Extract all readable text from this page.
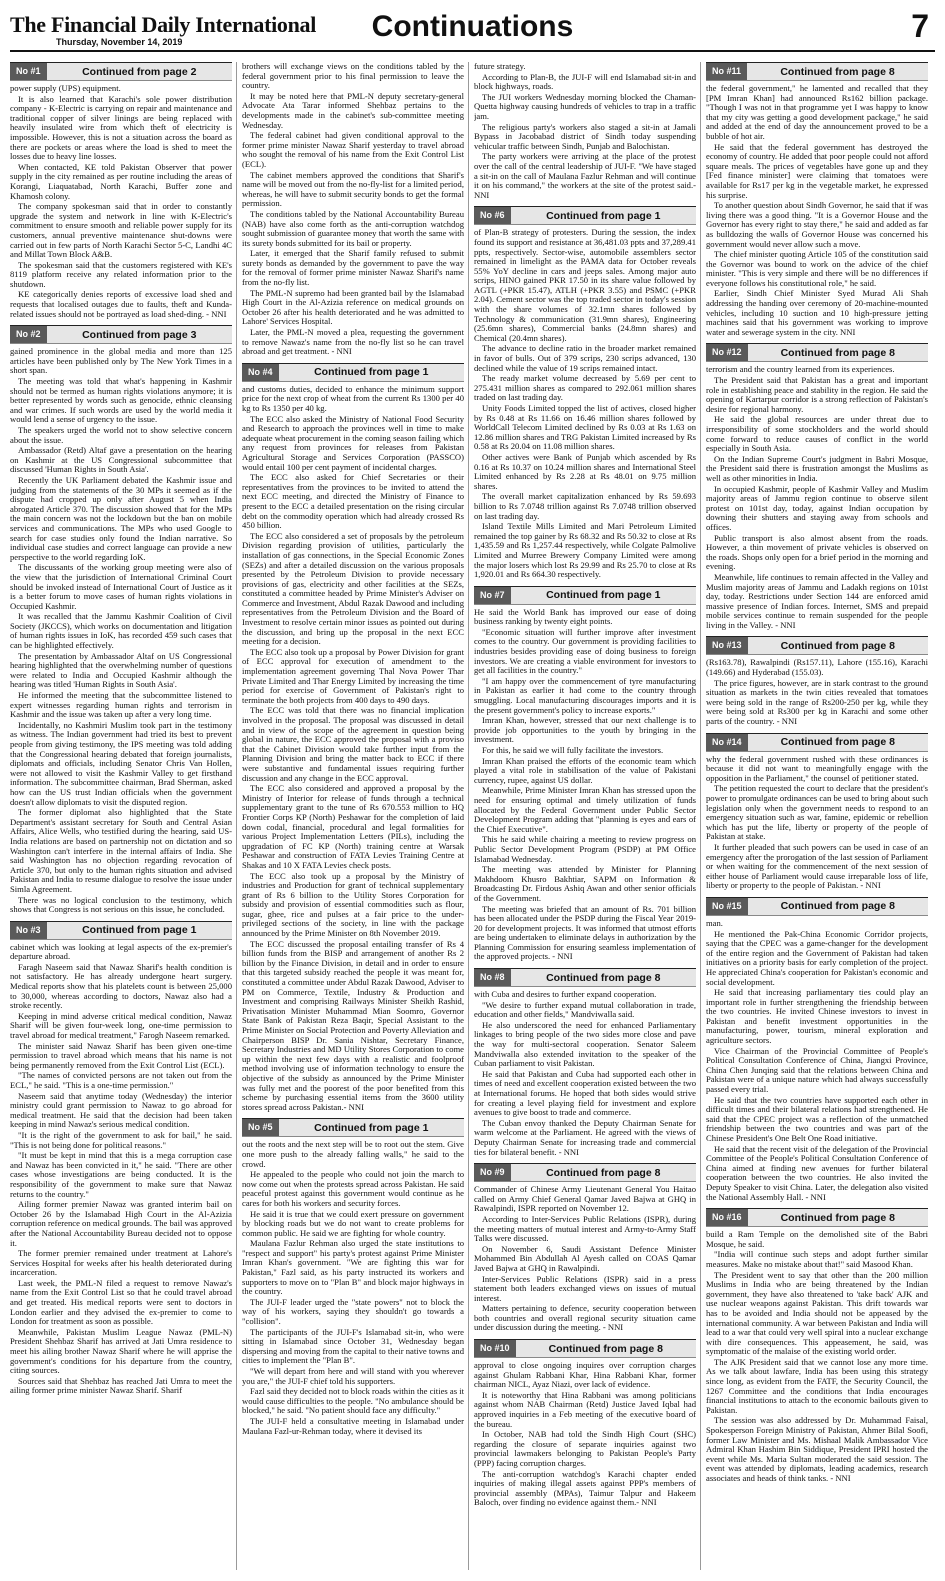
The Financial Daily International
Thursday, November 14, 2019	Continuations	7
No #1	Continued from page 2

power supply (UPS) equipment.

It is also learned that Karachi's sole power distribution company - K-Electric is carrying on repair and maintenance and traditional copper of silver linings are being replaced with heavily insulated wire from which theft of electricity is impossible. However, this is not a situation across the board as there are pockets or areas where the load is shed to meet the losses due to heavy line losses.

When contacted, KE told Pakistan Observer that power supply in the city remained as per routine including the areas of Korangi, Liaquatabad, North Karachi, Buffer zone and Khamosh colony.

The company spokesman said that in order to constantly upgrade the system and network in line with K-Electric's commitment to ensure smooth and reliable power supply for its customers, annual preventive maintenance shut-downs were carried out in few parts of North Karachi Sector 5-C, Landhi 4C and Millat Town Block A&B.

The spokesman said that the customers registered with KE's 8119 platform receive any related information prior to the shutdown.

KE categorically denies reports of excessive load shed and requests that localised outages due to faults, theft and Kunda-related issues should not be portrayed as load shed-ding. - NNI

No #2	Continued from page 3

gained prominence in the global media and more than 125 articles have been published only by The New York Times in a short span.

The meeting was told that what's happening in Kashmir should not be termed as human rights violations anymore; it is better represented by words such as genocide, ethnic cleansing and war crimes. If such words are used by the world media it would lend a sense of urgency to the issue.

The speakers urged the world not to show selective concern about the issue.

Ambassador (Retd) Altaf gave a presentation on the hearing on Kashmir at the US Congressional subcommittee that discussed 'Human Rights in South Asia'.

Recently the UK Parliament debated the Kashmir issue and judging from the statements of the 30 MPs it seemed as if the dispute had cropped up only after August 5 when India abrogated Article 370. The discussion showed that for the MPs the main concern was not the lockdown but the ban on mobile services and communications. The MPs who used Google to search for case studies only found the Indian narrative. So individual case studies and correct language can provide a new perspective to the world regarding IoK.

The discussants of the working group meeting were also of the view that the jurisdiction of International Criminal Court should be invoked instead of International Court of Justice as it is a better forum to move cases of human rights violations in Occupied Kashmir.

It was recalled that the Jammu Kashmir Coalition of Civil Society (JKCCS), which works on documentation and litigation of human rights issues in IoK, has recorded 459 such cases that can be highlighted effectively.

The presentation by Ambassador Altaf on US Congressional hearing highlighted that the overwhelming number of questions were related to India and Occupied Kashmir although the hearing was titled 'Human Rights in South Asia'.

He informed the meeting that the subcommittee listened to expert witnesses regarding human rights and terrorism in Kashmir and the issue was taken up after a very long time.

Incidentally, no Kashmiri Muslim took part in the testimony as witness. The Indian government had tried its best to prevent people from giving testimony, the IPS meeting was told adding that the Congressional hearing debated that foreign journalists, diplomats and officials, including Senator Chris Van Hollen, were not allowed to visit the Kashmir Valley to get firsthand information. The subcommittee chairman, Brad Sherman, asked how can the US trust Indian officials when the government doesn't allow diplomats to visit the disputed region.

The former diplomat also highlighted that the State Department's assistant secretary for South and Central Asian Affairs, Alice Wells, who testified during the hearing, said US-India relations are based on partnership not on dictation and so Washington can't interfere in the internal affairs of India. She said Washington has no objection regarding revocation of Article 370, but only to the human rights situation and advised Pakistan and India to resume dialogue to resolve the issue under Simla Agreement.

There was no logical conclusion to the testimony, which shows that Congress is not serious on this issue, he concluded.

No #3	Continued from page 1

cabinet which was looking at legal aspects of the ex-premier's departure abroad.

Faragh Naseem said that Nawaz Sharif's health condition is not satisfactory. He has already undergone heart surgery. Medical reports show that his platelets count is between 25,000 to 30,000, whereas according to doctors, Nawaz also had a stroke recently.

Keeping in mind adverse critical medical condition, Nawaz Sharif will be given four-week long, one-time permission to travel abroad for medical treatment," Farogh Naseem remarked.

The minister said Nawaz Sharif has been given one-time permission to travel abroad which means that his name is not being permanently removed from the Exit Control List (ECL).

"The names of convicted persons are not taken out from the ECL," he said. "This is a one-time permission."

Naseem said that anytime today (Wednesday) the interior ministry could grant permission to Nawaz to go abroad for medical treatment. He said that the decision had been taken keeping in mind Nawaz's serious medical condition.

"It is the right of the government to ask for bail," he said. "This is not being done for political reasons."

"It must be kept in mind that this is a mega corruption case and Nawaz has been convicted in it," he said. "There are other cases whose investigations are being conducted. It is the responsibility of the government to make sure that Nawaz returns to the country."

Ailing former premier Nawaz was granted interim bail on October 26 by the Islamabad High Court in the Al-Azizia corruption reference on medical grounds. The bail was approved after the National Accountability Bureau decided not to oppose it.

The former premier remained under treatment at Lahore's Services Hospital for weeks after his health deteriorated during incarceration.

Last week, the PML-N filed a request to remove Nawaz's name from the Exit Control List so that he could travel abroad and get treated. His medical reports were sent to doctors in London earlier and they advised the ex-premier to come to London for treatment as soon as possible.

Meanwhile, Pakistan Muslim League Nawaz (PML-N) President Shehbaz Sharif has arrived at Jati Umra residence to meet his ailing brother Nawaz Sharif where he will apprise the government's conditions for his departure from the country, citing sources.

Sources said that Shehbaz has reached Jati Umra to meet the ailing former prime minister Nawaz Sharif. Sharif

brothers will exchange views on the conditions tabled by the federal government prior to his final permission to leave the country.

It may be noted here that PML-N deputy secretary-general Advocate Ata Tarar informed Shehbaz pertains to the developments made in the cabinet's sub-committee meeting Wednesday.

The federal cabinet had given conditional approval to the former prime minister Nawaz Sharif yesterday to travel abroad who sought the removal of his name from the Exit Control List (ECL).

The cabinet members approved the conditions that Sharif's name will be moved out from the no-fly-list for a limited period, whereas, he will have to submit security bonds to get the formal permission.

The conditions tabled by the National Accountability Bureau (NAB) have also come forth as the anti-corruption watchdog sought submission of guarantee money that worth the same with its surety bonds submitted for its bail or property.

Later, it emerged that the Sharif family refused to submit surety bonds as demanded by the government to pave the way for the removal of former prime minister Nawaz Sharif's name from the no-fly list.

The PML-N supremo had been granted bail by the Islamabad High Court in the Al-Azizia reference on medical grounds on October 26 after his health deteriorated and he was admitted to Lahore' Services Hospital.

Later, the PML-N moved a plea, requesting the government to remove Nawaz's name from the no-fly list so he can travel abroad and get treatment. - NNI

No #4	Continued from page 1

and customs duties, decided to enhance the minimum support price for the next crop of wheat from the current Rs 1300 per 40 kg to Rs 1350 per 40 kg.

The ECC also asked the Ministry of National Food Security and Research to approach the provinces well in time to make adequate wheat procurement in the coming season failing which any request from provinces for releases from Pakistan Agricultural Storage and Services Corporation (PASSCO) would entail 100 per cent payment of incidental charges.

The ECC also asked for Chief Secretaries or their representatives from the provinces to be invited to attend the next ECC meeting, and directed the Ministry of Finance to present to the ECC a detailed presentation on the rising circular debt on the commodity operation which had already crossed Rs 450 billion.

The ECC also considered a set of proposals by the petroleum Division regarding provision of utilities, particularly the installation of gas connections, in the Special Economic Zones (SEZs) and after a detailed discussion on the various proposals presented by the Petroleum Division to provide necessary provisions of gas, electricity and other facilities at the SEZs, constituted a committee headed by Prime Minister's Adviser on Commerce and Investment, Abdul Razak Dawood and including representatives from the Petroleum Division and the Board of Investment to resolve certain minor issues as pointed out during the discussion, and bring up the proposal in the next ECC meeting for a decision.

The ECC also took up a proposal by Power Division for grant of ECC approval for execution of amendment to the implementation agreement governing Thal Nova Power Thar Private Limited and Thar Energy Limited by increasing the time period for exercise of Government of Pakistan's right to terminate the both projects from 400 days to 490 days.

The ECC was told that there was no financial implication involved in the proposal. The proposal was discussed in detail and in view of the scope of the agreement in question being global in nature, the ECC approved the proposal with a proviso that the Cabinet Division would take further input from the Planning Division and bring the matter back to ECC if there were substantive and fundamental issues requiring further discussion and any change in the ECC approval.

The ECC also considered and approved a proposal by the Ministry of Interior for release of funds through a technical supplementary grant to the tune of Rs 670.553 million to HQ Frontier Corps KP (North) Peshawar for the completion of laid down codal, financial, procedural and legal formalities for various Project Implementation Letters (PILs), including the upgradation of FC KP (North) training centre at Warsak Peshawar and construction of FATA Levies Training Centre at Shakas and 10 X FATA Levies check posts.

The ECC also took up a proposal by the Ministry of industries and Production for grant of technical supplementary grant of Rs 6 billion to the Utility Stores Corporation for subsidy and provision of essential commodities such as flour, sugar, ghee, rice and pulses at a fair price to the under-privileged sections of the society, in line with the package announced by the Prime Minister on 8th November 2019.

The ECC discussed the proposal entailing transfer of Rs 4 billion funds from the BISP and arrangement of another Rs 2 billion by the Finance Division, in detail and in order to ensure that this targeted subsidy reached the people it was meant for, constituted a committee under Abdul Razak Dawood, Adviser to PM on Commerce, Textile, Industry & Production and Investment and comprising Railways Minister Sheikh Rashid, Privatisation Minister Muhammad Mian Soomro, Governor State Bank of Pakistan Reza Baqir, Special Assistant to the Prime Minister on Social Protection and Poverty Alleviation and Chairperson BISP Dr. Sania Nishtar, Secretary Finance, Secretary Industries and MD Utility Stores Corporation to come up within the next few days with a realistic and foolproof method involving use of information technology to ensure the objective of the subsidy as announced by the Prime Minister was fully met and the poorest of the poor benefited from this scheme by purchasing essential items from the 3600 utility stores spread across Pakistan.- NNI

No #5	Continued from page 1

out the roots and the next step will be to root out the stem. Give one more push to the already falling walls," he said to the crowd.

He appealed to the people who could not join the march to now come out when the protests spread across Pakistan. He said peaceful protest against this government would continue as he cares for both his workers and security forces.

He said it is true that we could exert pressure on government by blocking roads but we do not want to create problems for common public. He said we are fighting for whole country.

Maulana Fazlur Rehman also urged the state institutions to "respect and support" his party's protest against Prime Minister Imran Khan's government. "We are fighting this war for Pakistan," Fazl said, as his party instructed its workers and supporters to move on to "Plan B" and block major highways in the country.

The JUI-F leader urged the "state powers" not to block the way of his workers, saying they shouldn't go towards a "collision".

The participants of the JUI-F's Islamabad sit-in, who were sitting in Islamabad since October 31, Wednesday began dispersing and moving from the capital to their native towns and cities to implement the "Plan B".

"We will depart from here and will stand with you wherever you are," the JUI-F chief told his supporters.

Fazl said they decided not to block roads within the cities as it would cause difficulties to the people. "No ambulance should be blocked," he said. "No patient should face any difficulty."

The JUI-F held a consultative meeting in Islamabad under Maulana Fazl-ur-Rehman today, where it devised its

future strategy.

According to Plan-B, the JUI-F will end Islamabad sit-in and block highways, roads.

The JUI workers Wednesday morning blocked the Chaman-Quetta highway causing hundreds of vehicles to trap in a traffic jam.

The religious party's workers also staged a sit-in at Jamali Bypass in Jacobabad district of Sindh today suspending vehicular traffic between Sindh, Punjab and Balochistan.

The party workers were arriving at the place of the protest over the call of the central leadership of JUI-F. "We have staged a sit-in on the call of Maulana Fazlur Rehman and will continue it on his command," the workers at the site of the protest said.- NNI

No #6	Continued from page 1

of Plan-B strategy of protesters. During the session, the index found its support and resistance at 36,481.03 ppts and 37,289.41 ppts, respectively. Sector-wise, automobile assemblers sector remained in limelight as the PAMA data for October reveals 55% YoY decline in cars and jeeps sales. Among major auto scrips, HINO gained PKR 17.50 in its share value followed by AGTL (+PKR 15.47), ATLH (+PKR 3.55) and PSMC (+PKR 2.04). Cement sector was the top traded sector in today's session with the share volumes of 32.1mn shares followed by Technology & communication (31.9mn shares), Engineering (25.6mn shares), Commercial banks (24.8mn shares) and Chemical (20.4mn shares).

The advance to decline ratio in the broader market remained in favor of bulls. Out of 379 scrips, 230 scrips advanced, 130 declined while the value of 19 scrips remained intact.

The ready market volume decreased by 5.69 per cent to 275.431 million shares as compared to 292.061 million shares traded on last trading day.

Unity Foods Limited topped the list of actives, closed higher by Rs 0.48 at Rs 11.66 on 16.46 million shares followed by WorldCall Telecom Limited declined by Rs 0.03 at Rs 1.63 on 12.86 million shares and TRG Pakistan Limited increased by Rs 0.58 at Rs 20.04 on 11.08 million shares.

Other actives were Bank of Punjab which ascended by Rs 0.16 at Rs 10.37 on 10.24 million shares and International Steel Limited enhanced by Rs 2.28 at Rs 48.01 on 9.75 million shares.

The overall market capitalization enhanced by Rs 59.693 billion to Rs 7.0748 trillion against Rs 7.0748 trillion observed on last trading day.

Island Textile Mills Limited and Mari Petroleum Limited remained the top gainer by Rs 68.32 and Rs 50.32 to close at Rs 1,435.59 and Rs 1,257.44 respectively, while Colgate Palmolive Limited and Murree Brewery Company Limited were among the major losers which lost Rs 29.99 and Rs 25.70 to close at Rs 1,920.01 and Rs 664.30 respectively.

No #7	Continued from page 1

He said the World Bank has improved our ease of doing business ranking by twenty eight points.

"Economic situation will further improve after investment comes to the country. Our government is providing facilities to industries besides providing ease of doing business to foreign investors. We are creating a viable environment for investors to get all facilities in the country."

"I am happy over the commencement of tyre manufacturing in Pakistan as earlier it had come to the country through smuggling. Local manufacturing discourages imports and it is the present government's policy to increase exports."

Imran Khan, however, stressed that our next challenge is to provide job opportunities to the youth by bringing in the investment.

For this, he said we will fully facilitate the investors.

Imran Khan praised the efforts of the economic team which played a vital role in stabilisation of the value of Pakistani currency, rupee, against US dollar.

Meanwhile, Prime Minister Imran Khan has stressed upon the need for ensuring optimal and timely utilization of funds allocated by the Federal Government under Public Sector Development Program adding that "planning is eyes and ears of the Chief Executive".

This he said while chairing a meeting to review progress on Public Sector Development Program (PSDP) at PM Office Islamabad Wednesday.

The meeting was attended by Minister for Planning Makhdoom Khusro Bakhtiar, SAPM on Information & Broadcasting Dr. Firdous Ashiq Awan and other senior officials of the Government.

The meeting was briefed that an amount of Rs. 701 billion has been allocated under the PSDP during the Fiscal Year 2019-20 for development projects. It was informed that utmost efforts are being undertaken to eliminate delays in authorization by the Planning Commission for ensuring seamless implementation of the approved projects. - NNI

No #8	Continued from page 8

with Cuba and desires to further expand cooperation.

"We desire to further expand mutual collaboration in trade, education and other fields," Mandviwalla said.

He also underscored the need for enhanced Parliamentary linkages to bring people of the two sides more close and pave the way for multi-sectoral cooperation. Senator Saleem Mandviwalla also extended invitation to the speaker of the Cuban parliament to visit Pakistan.

He said that Pakistan and Cuba had supported each other in times of need and excellent cooperation existed between the two at International forums. He hoped that both sides would strive for creating a level playing field for investment and explore avenues to give boost to trade and commerce.

The Cuban envoy thanked the Deputy Chairman Senate for warm welcome at the Parliament. He agreed with the views of Deputy Chairman Senate for increasing trade and commercial ties for bilateral benefit. - NNI

No #9	Continued from page 8

Commander of Chinese Army Lieutenant General You Haitao called on Army Chief General Qamar Javed Bajwa at GHQ in Rawalpindi, ISPR reported on November 12.

According to Inter-Services Public Relations (ISPR), during the meeting matters of mutual interest and Army-to-Army Staff Talks were discussed.

On November 6, Saudi Assistant Defence Minister Mohammed Bin Abdullah Al Ayesh called on COAS Qamar Javed Bajwa at GHQ in Rawalpindi.

Inter-Services Public Relations (ISPR) said in a press statement both leaders exchanged views on issues of mutual interest.

Matters pertaining to defence, security cooperation between both countries and overall regional security situation came under discussion during the meeting. - NNI

No #10	Continued from page 8

approval to close ongoing inquires over corruption charges against Ghulam Rabbani Khar, Hina Rabbani Khar, former chairman NICL, Ayaz Niazi, over lack of evidence.

It is noteworthy that Hina Rabbani was among politicians against whom NAB Chairman (Retd) Justice Javed Iqbal had approved inquiries in a Feb meeting of the executive board of the bureau.

In October, NAB had told the Sindh High Court (SHC) regarding the closure of separate inquiries against two provincial lawmakers belonging to Pakistan People's Party (PPP) facing corruption charges.

The anti-corruption watchdog's Karachi chapter ended inquiries of making illegal assets against PPP's members of provincial assembly (MPAs), Taimur Talpur and Hakeem Baloch, over finding no evidence against them.- NNI

No #11	Continued from page 8

the federal government," he lamented and recalled that they [PM Imran Khan] had announced Rs162 billion package. "Though I was not in that programme yet I was happy to know that my city was getting a good development package," he said and added at the end of day the announcement proved to be a bubble of hot air.

He said that the federal government has destroyed the economy of country. He added that poor people could not afford square meals. The prices of vegetables have gone up and they [Fed finance minister] were claiming that tomatoes were available for Rs17 per kg in the vegetable market, he expressed his surprise.

To another question about Sindh Governor, he said that if was living there was a good thing. "It is a Governor House and the Governor has every right to stay there," he said and added as far as bulldozing the walls of Governor House was concerned his government would never allow such a move.

The chief minister quoting Article 105 of the constitution said the Governor was bound to work on the advice of the chief minister. "This is very simple and there will be no differences if everyone follows his constitutional role," he said.

Earlier, Sindh Chief Minister Syed Murad Ali Shah addressing the handing over ceremony of 20-machine-mounted vehicles, including 10 suction and 10 high-pressure jetting machines said that his government was working to improve water and sewerage system in the city. NNI

No #12	Continued from page 8

terrorism and the country learned from its experiences.

The President said that Pakistan has a great and important role in establishing peace and stability in the region. He said the opening of Kartarpur corridor is a strong reflection of Pakistan's desire for regional harmony.

He said the global resources are under threat due to irresponsibility of some stockholders and the world should come forward to reduce causes of conflict in the world especially in South Asia.

On the Indian Supreme Court's judgment in Babri Mosque, the President said there is frustration amongst the Muslims as well as other minorities in India.

In occupied Kashmir, people of Kashmir Valley and Muslim majority areas of Jammu region continue to observe silent protest on 101st day, today, against Indian occupation by downing their shutters and staying away from schools and offices.

Public transport is also almost absent from the roads. However, a thin movement of private vehicles is observed on the roads. Shops only open for a brief period in the morning and evening.

Meanwhile, life continues to remain affected in the Valley and Muslim majority areas of Jammu and Ladakh regions on 101st day, today. Restrictions under Section 144 are enforced amid massive presence of Indian forces. Internet, SMS and prepaid mobile services continue to remain suspended for the people living in the Valley. - NNI

No #13	Continued from page 8

(Rs163.78), Rawalpindi (Rs157.11), Lahore (155.16), Karachi (149.66) and Hyderabad (155.03).

The price figures, however, are in stark contrast to the ground situation as markets in the twin cities revealed that tomatoes were being sold in the range of Rs200-250 per kg, while they were being sold at Rs300 per kg in Karachi and some other parts of the country. - NNI

No #14	Continued from page 8

why the federal government rushed with these ordinances is because it did not want to meaningfully engage with the opposition in the Parliament," the counsel of petitioner stated.

The petition requested the court to declare that the president's power to promulgate ordinances can be used to bring about such legislation only when the government needs to respond to an emergency situation such as war, famine, epidemic or rebellion which has put the life, liberty or property of the people of Pakistan at stake.

It further pleaded that such powers can be used in case of an emergency after the prorogation of the last session of Parliament or when waiting for the commencement of the next session of either house of Parliament would cause irreparable loss of life, liberty or property to the people of Pakistan. - NNI

No #15	Continued from page 8

man.

He mentioned the Pak-China Economic Corridor projects, saying that the CPEC was a game-changer for the development of the entire region and the Government of Pakistan had taken initiatives on a priority basis for early completion of the project. He appreciated China's cooperation for Pakistan's economic and social development.

He said that increasing parliamentary ties could play an important role in further strengthening the friendship between the two countries. He invited Chinese investors to invest in Pakistan and benefit investment opportunities in the manufacturing, power, tourism, mineral exploration and agriculture sectors.

Vice Chairman of the Provincial Committee of People's Political Consultation Conference of China, Jiangxi Province, China Chen Junqing said that the relations between China and Pakistan were of a unique nature which had always successfully passed every trial.

He said that the two countries have supported each other in difficult times and their bilateral relations had strengthened. He said that the CPEC project was a reflection of the unmatched friendship between the two countries and was part of the Chinese President's One Belt One Road initiative.

He said that the recent visit of the delegation of the Provincial Committee of the People's Political Consultation Conference of China aimed at finding new avenues for further bilateral cooperation between the two countries. He also invited the Deputy Speaker to visit China. Later, the delegation also visited the National Assembly Hall. - NNI

No #16	Continued from page 8

build a Ram Temple on the demolished site of the Babri Mosque, he said.

"India will continue such steps and adopt further similar measures. Make no mistake about that!" said Masood Khan.

The President went to say that other than the 200 million Muslims in India who are being threatened by the Indian government, they have also threatened to 'take back' AJK and use nuclear weapons against Pakistan. This drift towards war has to be avoided and India should not be appeased by the international community. A war between Pakistan and India will lead to a war that could very well spiral into a nuclear exchange with dire consequences. This appeasement, he said, was symptomatic of the malaise of the existing world order.

The AJK President said that we cannot lose any more time. As we talk about lawfare, India has been using this strategy since long, as evident from the FATF, the Security Council, the 1267 Committee and the conditions that India encourages financial institutions to attach to the economic bailouts given to Pakistan.

The session was also addressed by Dr. Muhammad Faisal, Spokesperson Foreign Ministry of Pakistan, Ahmer Bilal Soofi, former Law Minister and Ms. Mishaal Malik Ambassador Vice Admiral Khan Hashim Bin Siddique, President IPRI hosted the event while Ms. Maria Sultan moderated the said session. The event was attended by diplomats, leading academics, research associates and heads of think tanks. - NNI
